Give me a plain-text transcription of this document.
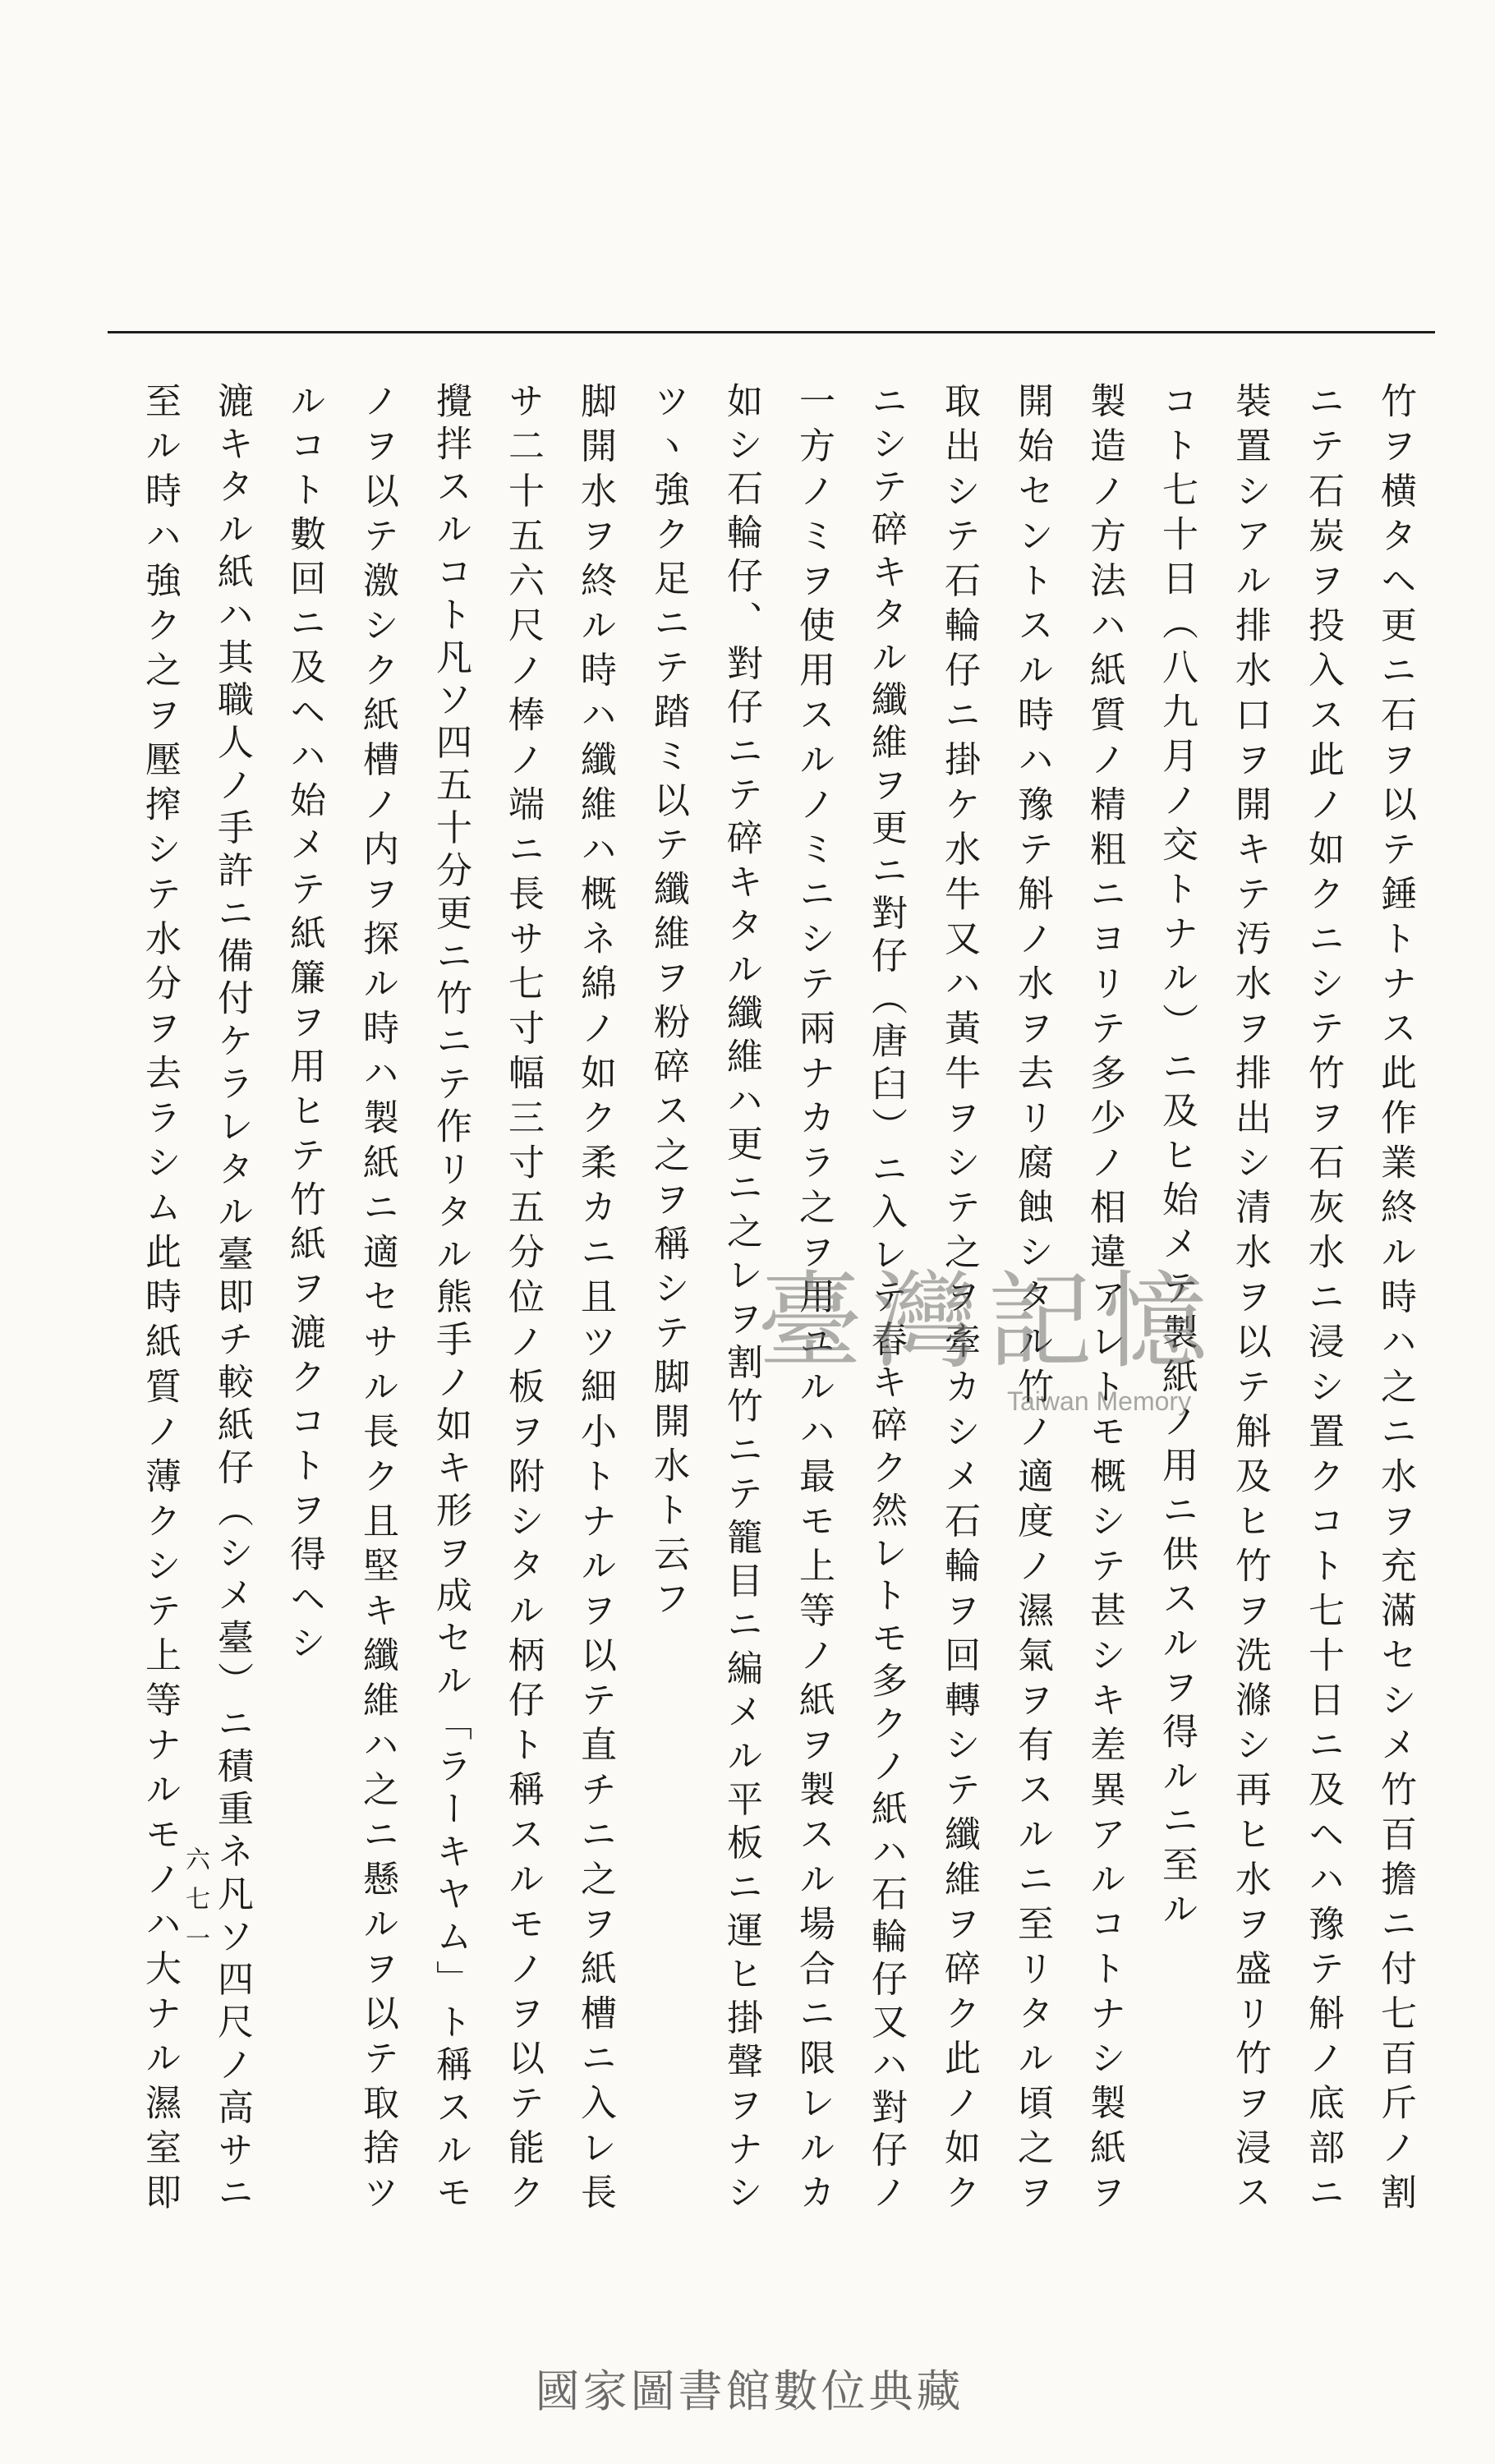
竹ヲ横タヘ更ニ石ヲ以テ錘トナス此作業終ル時ハ之ニ水ヲ充滿セシメ竹百擔ニ付七百斤ノ割
ニテ石炭ヲ投入ス此ノ如クニシテ竹ヲ石灰水ニ浸シ置クコト七十日ニ及ヘハ豫テ斛ノ底部ニ
裝置シアル排水口ヲ開キテ汚水ヲ排出シ清水ヲ以テ斛及ヒ竹ヲ洗滌シ再ヒ水ヲ盛リ竹ヲ浸ス
コト七十日（八九月ノ交トナル）ニ及ヒ始メテ製紙ノ用ニ供スルヲ得ルニ至ル
製造ノ方法ハ紙質ノ精粗ニヨリテ多少ノ相違アレトモ概シテ甚シキ差異アルコトナシ製紙ヲ
開始セントスル時ハ豫テ斛ノ水ヲ去リ腐蝕シタル竹ノ適度ノ濕氣ヲ有スルニ至リタル頃之ヲ
取出シテ石輪仔ニ掛ケ水牛又ハ黃牛ヲシテ之ヲ牽カシメ石輪ヲ回轉シテ纖維ヲ碎ク此ノ如ク
ニシテ碎キタル纖維ヲ更ニ對仔（唐臼）ニ入レテ舂キ碎ク然レトモ多クノ紙ハ石輪仔又ハ對仔ノ
一方ノミヲ使用スルノミニシテ兩ナカラ之ヲ用ユルハ最モ上等ノ紙ヲ製スル場合ニ限レルカ
如シ石輪仔、對仔ニテ碎キタル纖維ハ更ニ之レヲ割竹ニテ籠目ニ編メル平板ニ運ヒ掛聲ヲナシ
ツヽ強ク足ニテ踏ミ以テ纖維ヲ粉碎ス之ヲ稱シテ脚開水ト云フ
脚開水ヲ終ル時ハ纖維ハ概ネ綿ノ如ク柔カニ且ツ細小トナルヲ以テ直チニ之ヲ紙槽ニ入レ長
サ二十五六尺ノ棒ノ端ニ長サ七寸幅三寸五分位ノ板ヲ附シタル柄仔ト稱スルモノヲ以テ能ク
攪拌スルコト凡ソ四五十分更ニ竹ニテ作リタル熊手ノ如キ形ヲ成セル「ラーキヤム」ト稱スルモ
ノヲ以テ激シク紙槽ノ内ヲ探ル時ハ製紙ニ適セサル長ク且堅キ纖維ハ之ニ懸ルヲ以テ取捨ツ
ルコト數回ニ及ヘハ始メテ紙簾ヲ用ヒテ竹紙ヲ漉クコトヲ得ヘシ
漉キタル紙ハ其職人ノ手許ニ備付ケラレタル臺即チ較紙仔（シメ臺）ニ積重ネ凡ソ四尺ノ高サニ
至ル時ハ強ク之ヲ壓搾シテ水分ヲ去ラシム此時紙質ノ薄クシテ上等ナルモノハ大ナル濕室即 六七一
臺灣記憶
Taiwan Memory
國家圖書館數位典藏
